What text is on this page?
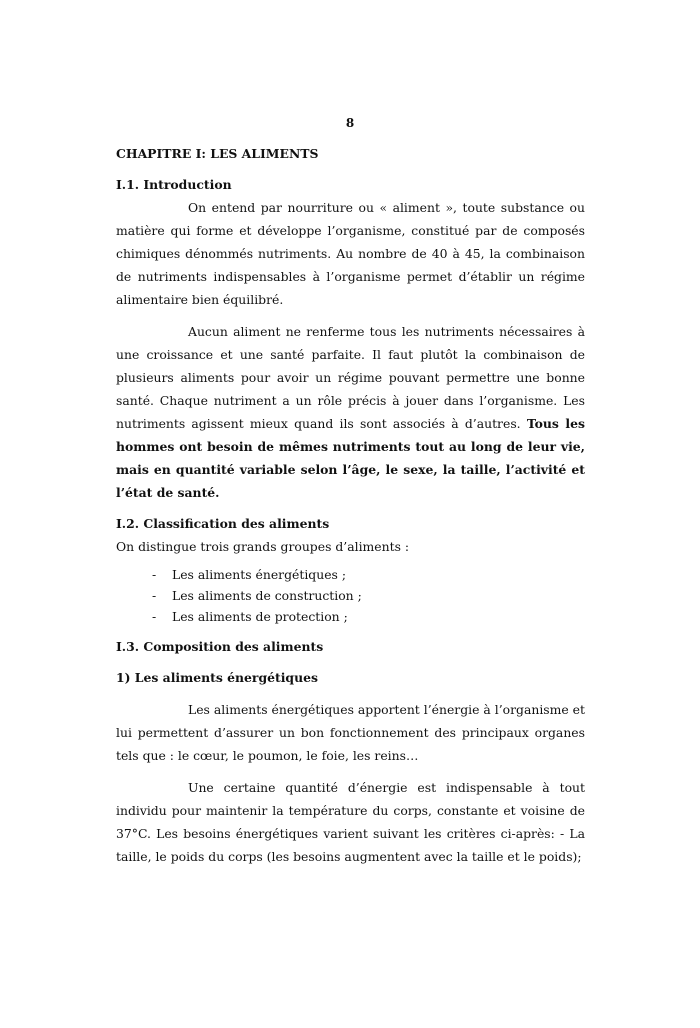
8
CHAPITRE I: LES ALIMENTS
I.1. Introduction

On entend par nourriture ou « aliment », toute substance ou matière qui forme et développe l’organisme, constitué par de composés chimiques dénommés nutriments. Au nombre de 40 à 45, la combinaison de nutriments indispensables à l’organisme permet d’établir un régime alimentaire bien équilibré.

Aucun aliment ne renferme tous les nutriments nécessaires à une croissance et une santé parfaite. Il faut plutôt la combinaison de plusieurs aliments pour avoir un régime pouvant permettre une bonne santé. Chaque nutriment a un rôle précis à jouer dans l’organisme. Les nutriments agissent mieux quand ils sont associés à d’autres. Tous les hommes ont besoin de mêmes nutriments tout au long de leur vie, mais en quantité variable selon l’âge, le sexe, la taille, l’activité et l’état de santé.

I.2. Classification des aliments

On distingue trois grands groupes d’aliments :

- Les aliments énergétiques ;
- Les aliments de construction ;
- Les aliments de protection ;
I.3. Composition des aliments
1) Les aliments énergétiques

Les aliments énergétiques apportent l’énergie à l’organisme et lui permettent d’assurer un bon fonctionnement des principaux organes tels que : le cœur, le poumon, le foie, les reins…

Une certaine quantité d’énergie est indispensable à tout individu pour maintenir la température du corps, constante et voisine de 37°C. Les besoins énergétiques varient suivant les critères ci-après: - La taille, le poids du corps (les besoins augmentent avec la taille et le poids);
